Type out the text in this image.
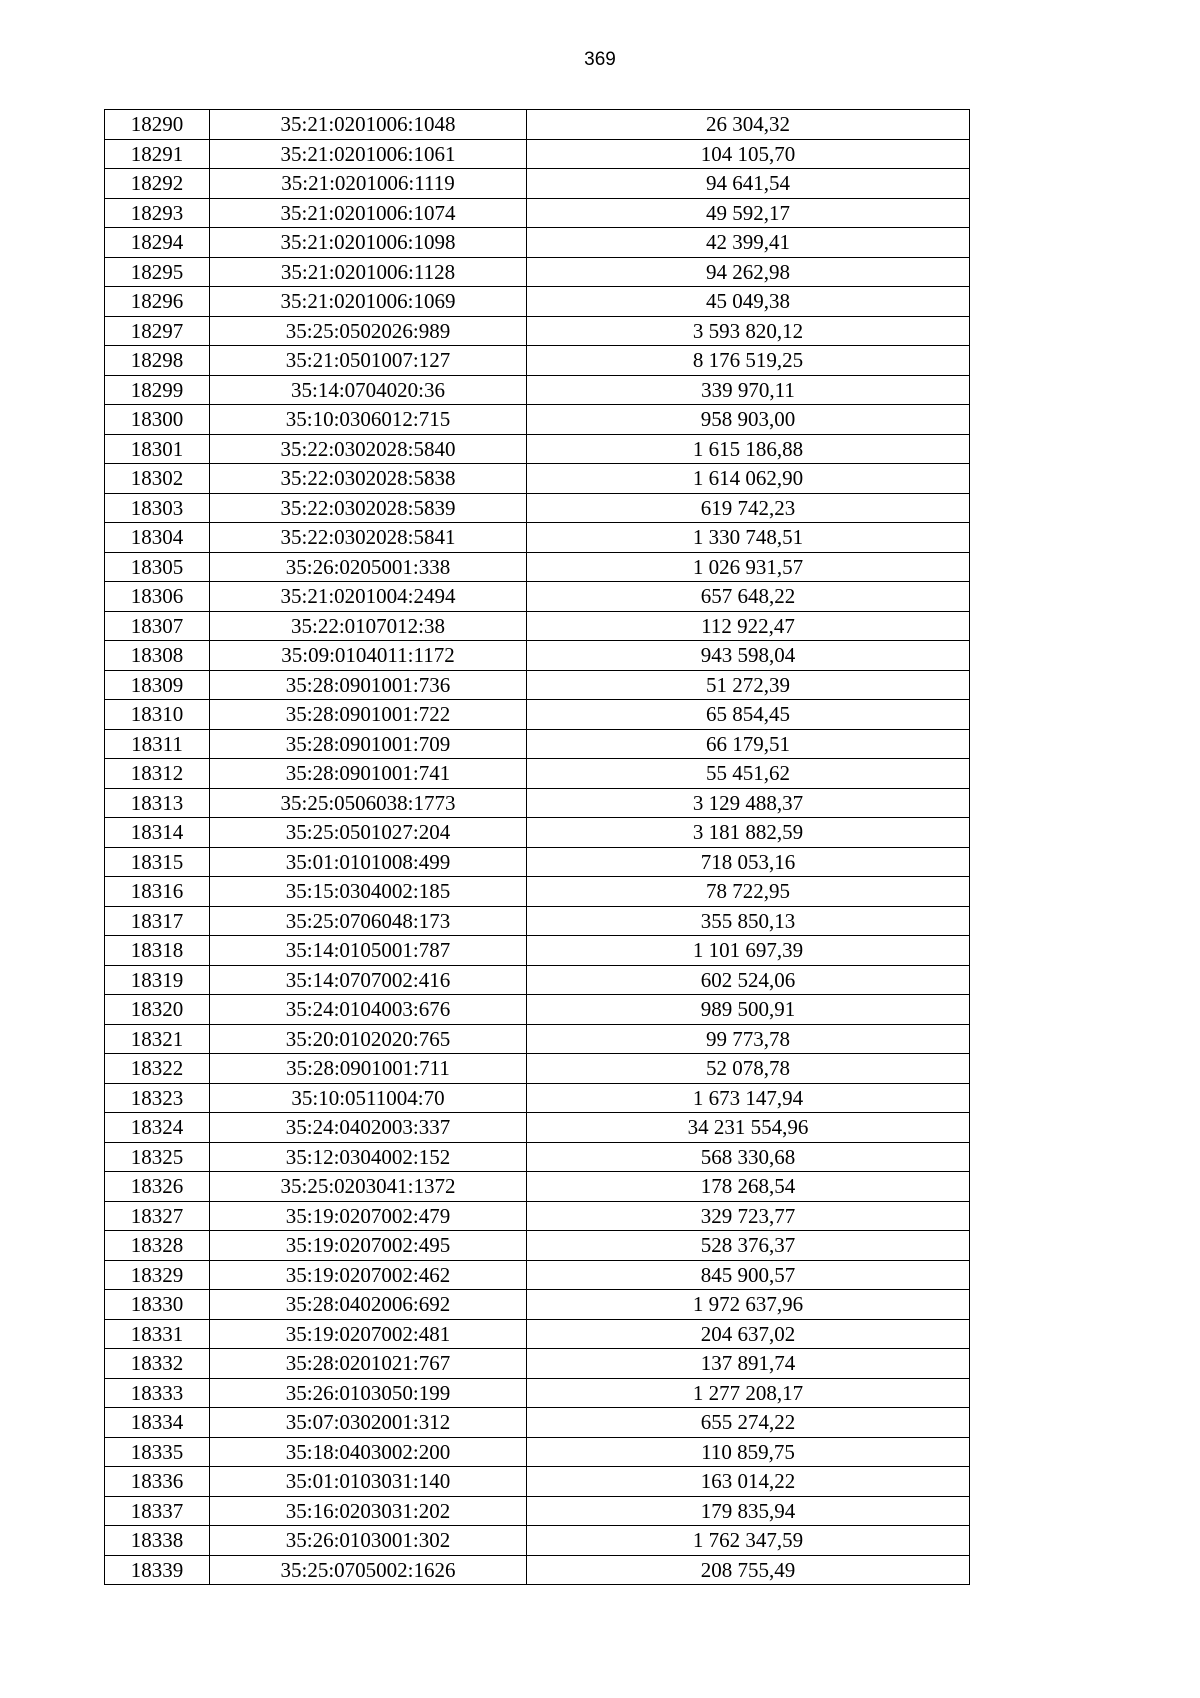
369
18290	35:21:0201006:1048	26 304,32
18291	35:21:0201006:1061	104 105,70
18292	35:21:0201006:1119	94 641,54
18293	35:21:0201006:1074	49 592,17
18294	35:21:0201006:1098	42 399,41
18295	35:21:0201006:1128	94 262,98
18296	35:21:0201006:1069	45 049,38
18297	35:25:0502026:989	3 593 820,12
18298	35:21:0501007:127	8 176 519,25
18299	35:14:0704020:36	339 970,11
18300	35:10:0306012:715	958 903,00
18301	35:22:0302028:5840	1 615 186,88
18302	35:22:0302028:5838	1 614 062,90
18303	35:22:0302028:5839	619 742,23
18304	35:22:0302028:5841	1 330 748,51
18305	35:26:0205001:338	1 026 931,57
18306	35:21:0201004:2494	657 648,22
18307	35:22:0107012:38	112 922,47
18308	35:09:0104011:1172	943 598,04
18309	35:28:0901001:736	51 272,39
18310	35:28:0901001:722	65 854,45
18311	35:28:0901001:709	66 179,51
18312	35:28:0901001:741	55 451,62
18313	35:25:0506038:1773	3 129 488,37
18314	35:25:0501027:204	3 181 882,59
18315	35:01:0101008:499	718 053,16
18316	35:15:0304002:185	78 722,95
18317	35:25:0706048:173	355 850,13
18318	35:14:0105001:787	1 101 697,39
18319	35:14:0707002:416	602 524,06
18320	35:24:0104003:676	989 500,91
18321	35:20:0102020:765	99 773,78
18322	35:28:0901001:711	52 078,78
18323	35:10:0511004:70	1 673 147,94
18324	35:24:0402003:337	34 231 554,96
18325	35:12:0304002:152	568 330,68
18326	35:25:0203041:1372	178 268,54
18327	35:19:0207002:479	329 723,77
18328	35:19:0207002:495	528 376,37
18329	35:19:0207002:462	845 900,57
18330	35:28:0402006:692	1 972 637,96
18331	35:19:0207002:481	204 637,02
18332	35:28:0201021:767	137 891,74
18333	35:26:0103050:199	1 277 208,17
18334	35:07:0302001:312	655 274,22
18335	35:18:0403002:200	110 859,75
18336	35:01:0103031:140	163 014,22
18337	35:16:0203031:202	179 835,94
18338	35:26:0103001:302	1 762 347,59
18339	35:25:0705002:1626	208 755,49
